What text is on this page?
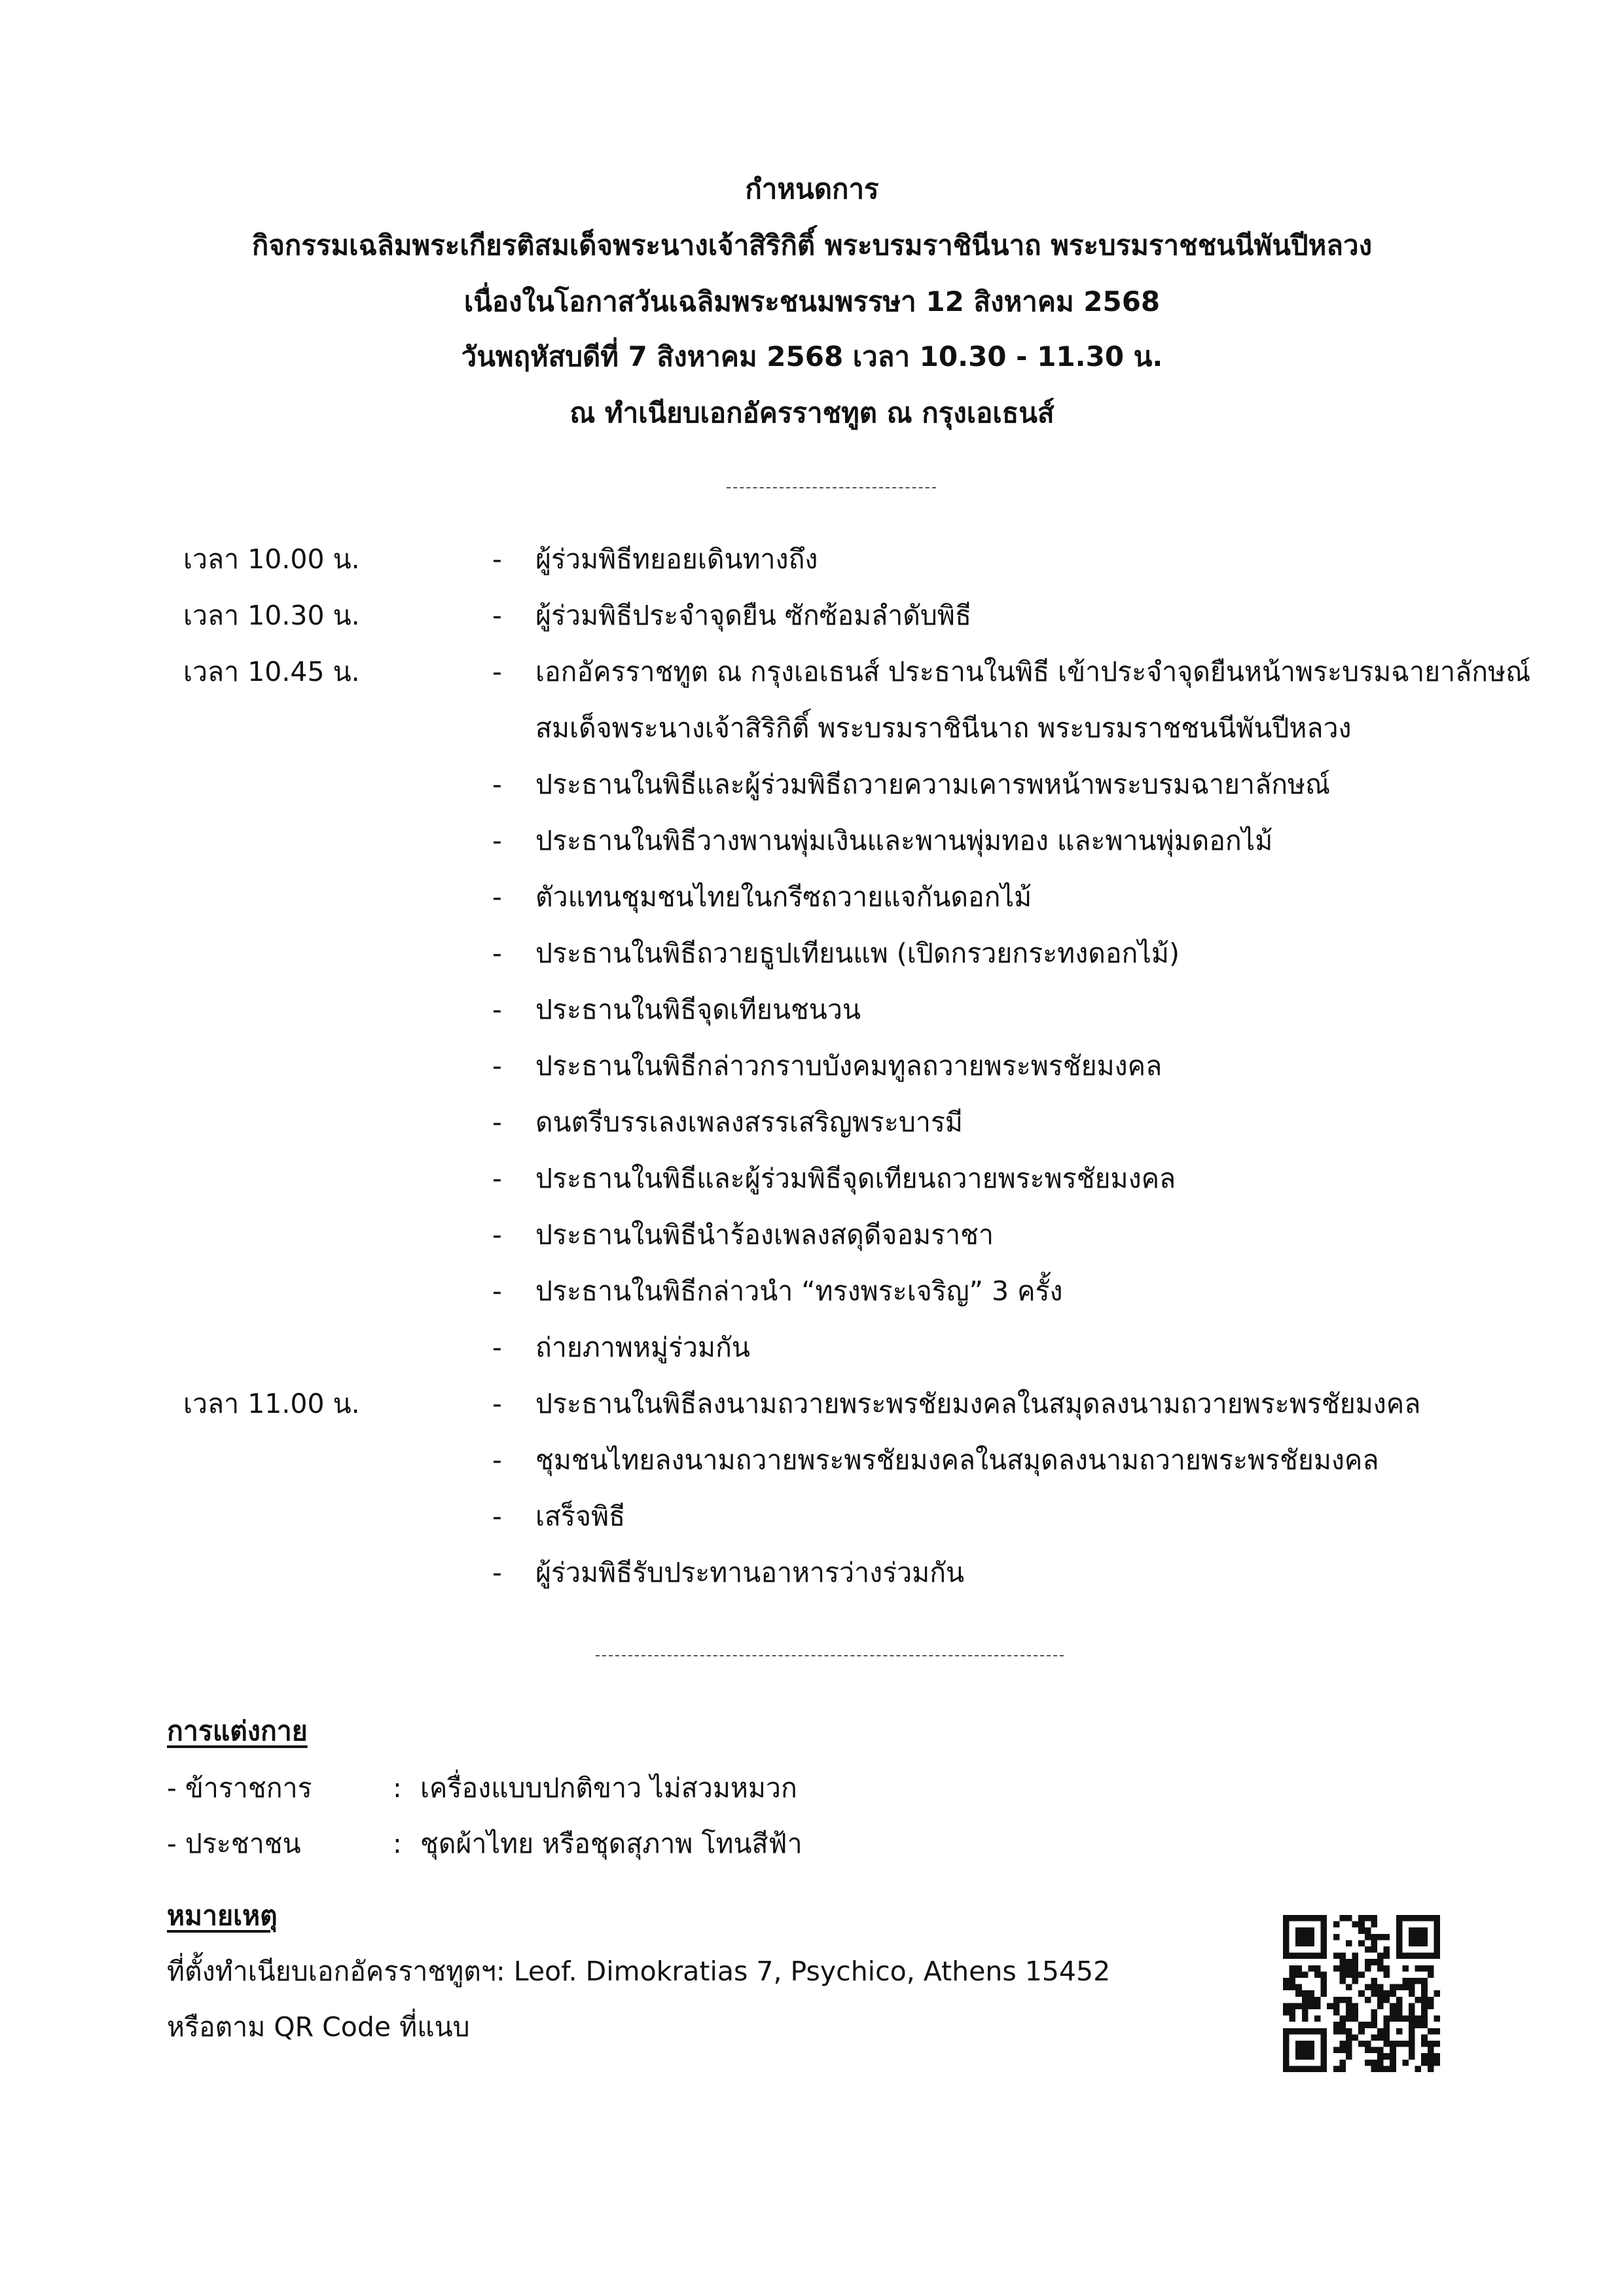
กำหนดการ
กิจกรรมเฉลิมพระเกียรติสมเด็จพระนางเจ้าสิริกิติ์ พระบรมราชินีนาถ พระบรมราชชนนีพันปีหลวง
เนื่องในโอกาสวันเฉลิมพระชนมพรรษา 12 สิงหาคม 2568
วันพฤหัสบดีที่ 7 สิงหาคม 2568 เวลา 10.30 - 11.30 น.
ณ ทำเนียบเอกอัครราชทูต ณ กรุงเอเธนส์
เวลา 10.00 น.	- ผู้ร่วมพิธีทยอยเดินทางถึง
เวลา 10.30 น.	- ผู้ร่วมพิธีประจำจุดยืน ซักซ้อมลำดับพิธี
เวลา 10.45 น.	- เอกอัครราชทูต ณ กรุงเอเธนส์ ประธานในพิธี เข้าประจำจุดยืนหน้าพระบรมฉายาลักษณ์
สมเด็จพระนางเจ้าสิริกิติ์ พระบรมราชินีนาถ พระบรมราชชนนีพันปีหลวง
- ประธานในพิธีและผู้ร่วมพิธีถวายความเคารพหน้าพระบรมฉายาลักษณ์
- ประธานในพิธีวางพานพุ่มเงินและพานพุ่มทอง และพานพุ่มดอกไม้
- ตัวแทนชุมชนไทยในกรีซถวายแจกันดอกไม้
- ประธานในพิธีถวายธูปเทียนแพ (เปิดกรวยกระทงดอกไม้)
- ประธานในพิธีจุดเทียนชนวน
- ประธานในพิธีกล่าวกราบบังคมทูลถวายพระพรชัยมงคล
- ดนตรีบรรเลงเพลงสรรเสริญพระบารมี
- ประธานในพิธีและผู้ร่วมพิธีจุดเทียนถวายพระพรชัยมงคล
- ประธานในพิธีนำร้องเพลงสดุดีจอมราชา
- ประธานในพิธีกล่าวนำ “ทรงพระเจริญ” 3 ครั้ง
- ถ่ายภาพหมู่ร่วมกัน
เวลา 11.00 น.	- ประธานในพิธีลงนามถวายพระพรชัยมงคลในสมุดลงนามถวายพระพรชัยมงคล
- ชุมชนไทยลงนามถวายพระพรชัยมงคลในสมุดลงนามถวายพระพรชัยมงคล
- เสร็จพิธี
- ผู้ร่วมพิธีรับประทานอาหารว่างร่วมกัน
การแต่งกาย
- ข้าราชการ	: เครื่องแบบปกติขาว ไม่สวมหมวก
- ประชาชน	: ชุดผ้าไทย หรือชุดสุภาพ โทนสีฟ้า
หมายเหตุ
ที่ตั้งทำเนียบเอกอัครราชทูตฯ: Leof. Dimokratias 7, Psychico, Athens 15452
หรือตาม QR Code ที่แนบ
